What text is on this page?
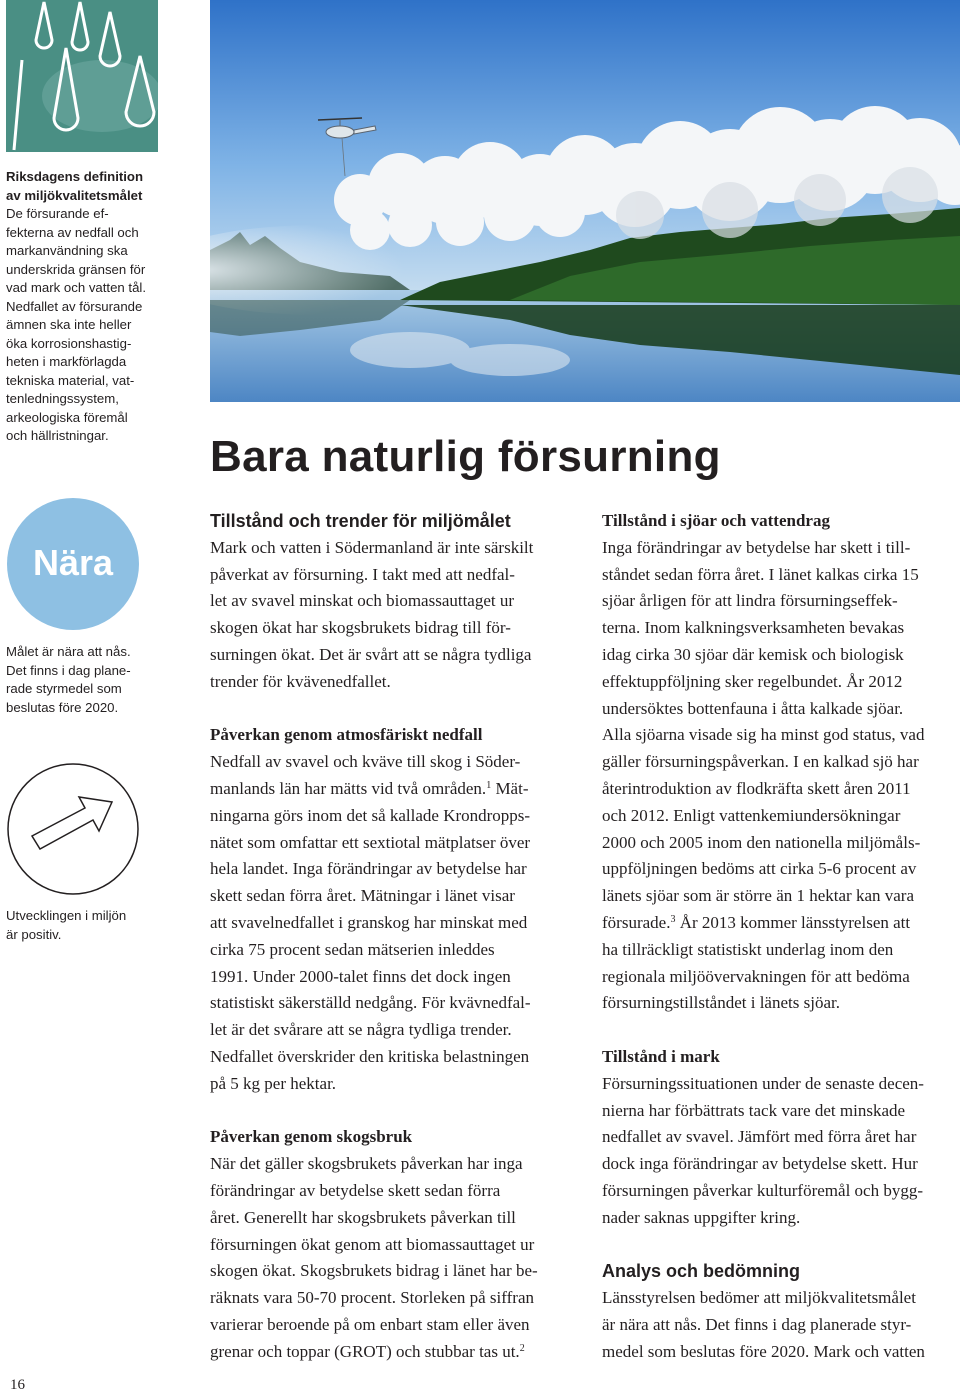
Riksdagens definition
av miljökvalitetsmålet
De försurande ef-
fekterna av nedfall och
markanvändning ska
underskrida gränsen för
vad mark och vatten tål.
Nedfallet av försurande
ämnen ska inte heller
öka korrosionshastig-
heten i markförlagda
tekniska material, vat-
tenledningssystem,
arkeologiska föremål
och hällristningar.
Nära
Målet är nära att nås.
Det finns i dag plane-
rade styrmedel som
beslutas före 2020.
Utvecklingen i miljön
är positiv.
16
Bara naturlig försurning
Tillstånd och trender för miljömålet
Mark och vatten i Södermanland är inte särskilt
påverkat av försurning. I takt med att nedfal-
let av svavel minskat och biomassauttaget ur
skogen ökat har skogsbrukets bidrag till för-
surningen ökat. Det är svårt att se några tydliga
trender för kvävenedfallet.
Påverkan genom atmosfäriskt nedfall
Nedfall av svavel och kväve till skog i Söder-
manlands län har mätts vid två områden.$^1$ Mät-
ningarna görs inom det så kallade Krondropps-
nätet som omfattar ett sextiotal mätplatser över
hela landet. Inga förändringar av betydelse har
skett sedan förra året. Mätningar i länet visar
att svavelnedfallet i granskog har minskat med
cirka 75 procent sedan mätserien inleddes
1991. Under 2000-talet finns det dock ingen
statistiskt säkerställd nedgång. För kvävnedfal-
let är det svårare att se några tydliga trender.
Nedfallet överskrider den kritiska belastningen
på 5 kg per hektar.
Påverkan genom skogsbruk
När det gäller skogsbrukets påverkan har inga
förändringar av betydelse skett sedan förra
året. Generellt har skogsbrukets påverkan till
försurningen ökat genom att biomassauttaget ur
skogen ökat. Skogsbrukets bidrag i länet har be-
räknats vara 50-70 procent. Storleken på siffran
varierar beroende på om enbart stam eller även
grenar och toppar (GROT) och stubbar tas ut.$^2$
Tillstånd i sjöar och vattendrag
Inga förändringar av betydelse har skett i till-
ståndet sedan förra året. I länet kalkas cirka 15
sjöar årligen för att lindra försurningseffek-
terna. Inom kalkningsverksamheten bevakas
idag cirka 30 sjöar där kemisk och biologisk
effektuppföljning sker regelbundet. År 2012
undersöktes bottenfauna i åtta kalkade sjöar.
Alla sjöarna visade sig ha minst god status, vad
gäller försurningspåverkan. I en kalkad sjö har
återintroduktion av flodkräfta skett åren 2011
och 2012. Enligt vattenkemiundersökningar
2000 och 2005 inom den nationella miljömåls-
uppföljningen bedöms att cirka 5-6 procent av
länets sjöar som är större än 1 hektar kan vara
försurade.$^3$ År 2013 kommer länsstyrelsen att
ha tillräckligt statistiskt underlag inom den
regionala miljöövervakningen för att bedöma
försurningstillståndet i länets sjöar.
Tillstånd i mark
Försurningssituationen under de senaste decen-
nierna har förbättrats tack vare det minskade
nedfallet av svavel. Jämfört med förra året har
dock inga förändringar av betydelse skett. Hur
försurningen påverkar kulturföremål och bygg-
nader saknas uppgifter kring.
Analys och bedömning
Länsstyrelsen bedömer att miljökvalitetsmålet
är nära att nås. Det finns i dag planerade styr-
medel som beslutas före 2020. Mark och vatten
